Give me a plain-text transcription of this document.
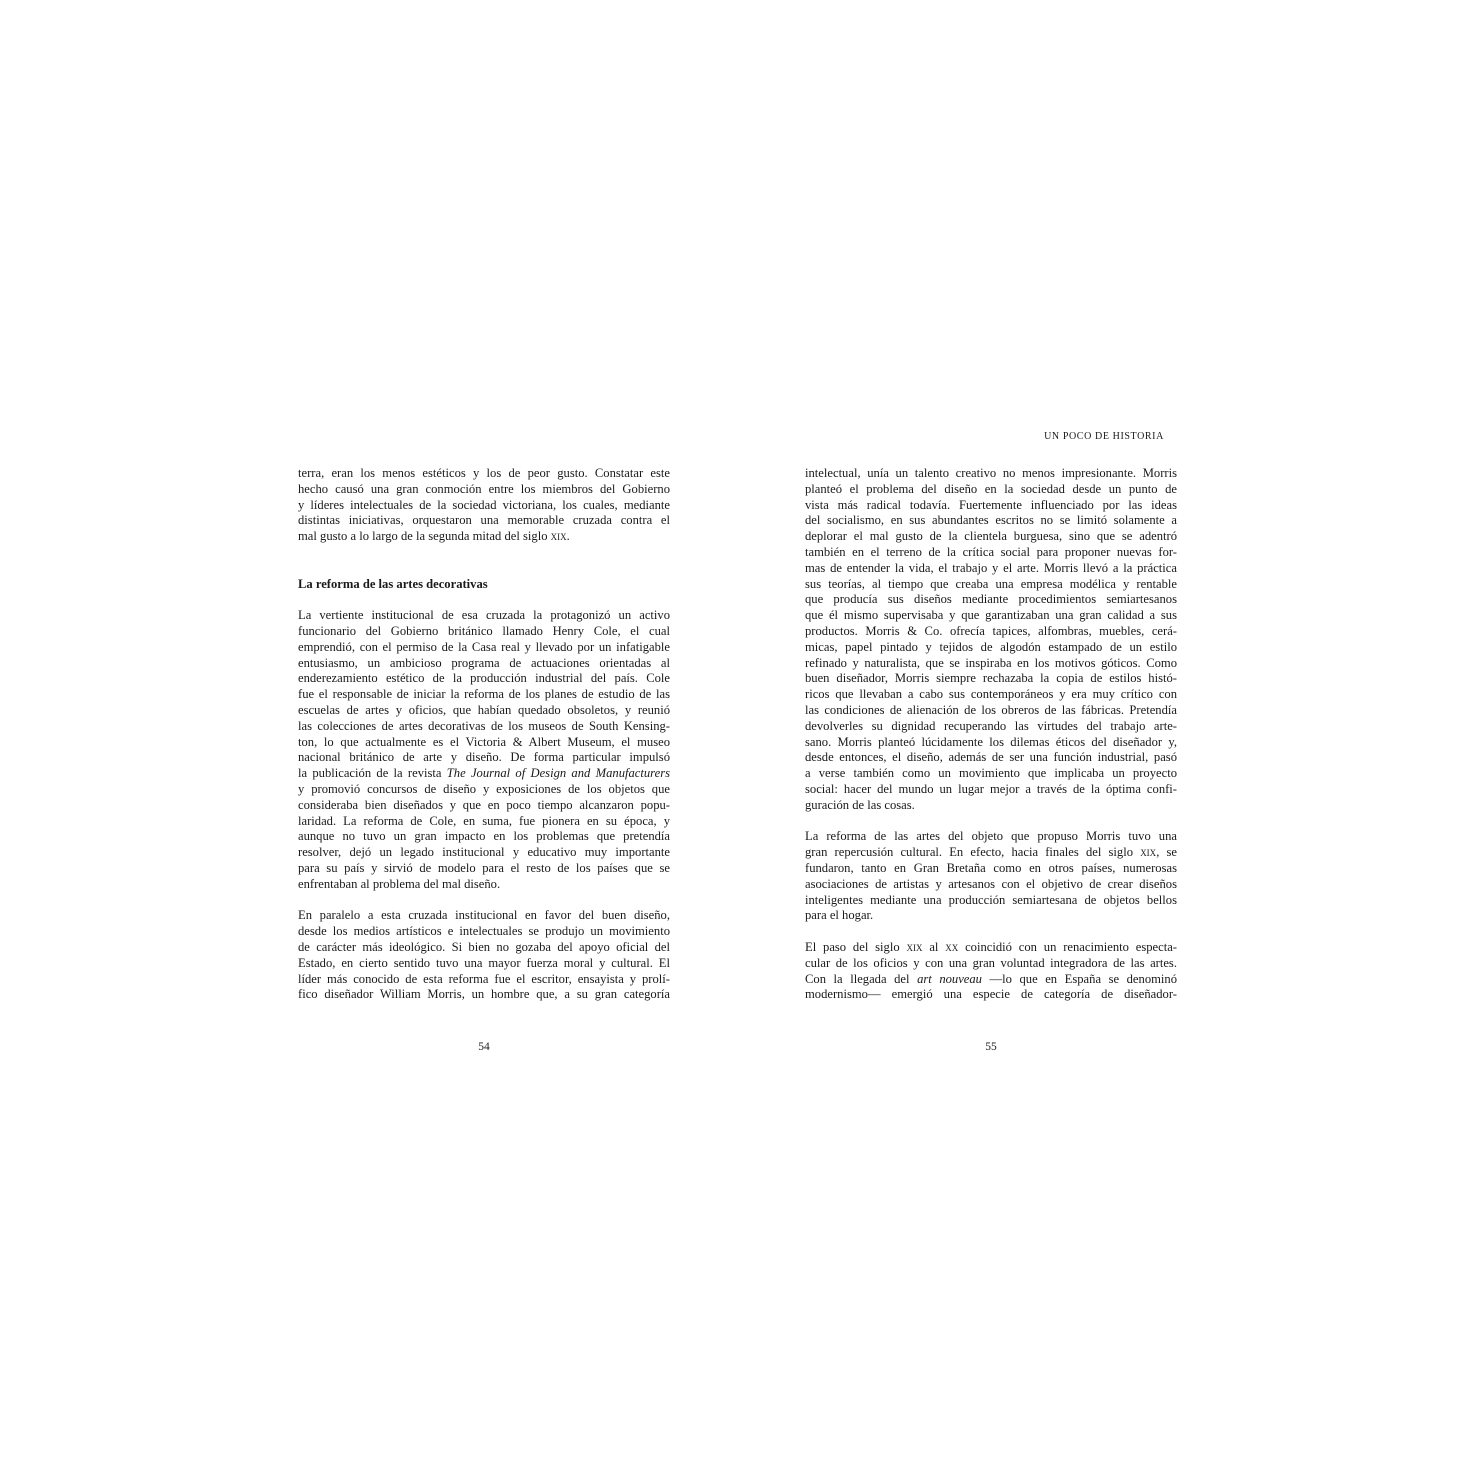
terra, eran los menos estéticos y los de peor gusto. Constatar este
hecho causó una gran conmoción entre los miembros del Gobierno
y líderes intelectuales de la sociedad victoriana, los cuales, mediante
distintas iniciativas, orquestaron una memorable cruzada contra el
mal gusto a lo largo de la segunda mitad del siglo xix.
La reforma de las artes decorativas
La vertiente institucional de esa cruzada la protagonizó un activo
funcionario del Gobierno británico llamado Henry Cole, el cual
emprendió, con el permiso de la Casa real y llevado por un infatigable
entusiasmo, un ambicioso programa de actuaciones orientadas al
enderezamiento estético de la producción industrial del país. Cole
fue el responsable de iniciar la reforma de los planes de estudio de las
escuelas de artes y oficios, que habían quedado obsoletos, y reunió
las colecciones de artes decorativas de los museos de South Kensing-
ton, lo que actualmente es el Victoria & Albert Museum, el museo
nacional británico de arte y diseño. De forma particular impulsó
la publicación de la revista The Journal of Design and Manufacturers
y promovió concursos de diseño y exposiciones de los objetos que
consideraba bien diseñados y que en poco tiempo alcanzaron popu-
laridad. La reforma de Cole, en suma, fue pionera en su época, y
aunque no tuvo un gran impacto en los problemas que pretendía
resolver, dejó un legado institucional y educativo muy importante
para su país y sirvió de modelo para el resto de los países que se
enfrentaban al problema del mal diseño.
En paralelo a esta cruzada institucional en favor del buen diseño,
desde los medios artísticos e intelectuales se produjo un movimiento
de carácter más ideológico. Si bien no gozaba del apoyo oficial del
Estado, en cierto sentido tuvo una mayor fuerza moral y cultural. El
líder más conocido de esta reforma fue el escritor, ensayista y prolí-
fico diseñador William Morris, un hombre que, a su gran categoría
54
UN POCO DE HISTORIA
intelectual, unía un talento creativo no menos impresionante. Morris
planteó el problema del diseño en la sociedad desde un punto de
vista más radical todavía. Fuertemente influenciado por las ideas
del socialismo, en sus abundantes escritos no se limitó solamente a
deplorar el mal gusto de la clientela burguesa, sino que se adentró
también en el terreno de la crítica social para proponer nuevas for-
mas de entender la vida, el trabajo y el arte. Morris llevó a la práctica
sus teorías, al tiempo que creaba una empresa modélica y rentable
que producía sus diseños mediante procedimientos semiartesanos
que él mismo supervisaba y que garantizaban una gran calidad a sus
productos. Morris & Co. ofrecía tapices, alfombras, muebles, cerá-
micas, papel pintado y tejidos de algodón estampado de un estilo
refinado y naturalista, que se inspiraba en los motivos góticos. Como
buen diseñador, Morris siempre rechazaba la copia de estilos histó-
ricos que llevaban a cabo sus contemporáneos y era muy crítico con
las condiciones de alienación de los obreros de las fábricas. Pretendía
devolverles su dignidad recuperando las virtudes del trabajo arte-
sano. Morris planteó lúcidamente los dilemas éticos del diseñador y,
desde entonces, el diseño, además de ser una función industrial, pasó
a verse también como un movimiento que implicaba un proyecto
social: hacer del mundo un lugar mejor a través de la óptima confi-
guración de las cosas.
La reforma de las artes del objeto que propuso Morris tuvo una
gran repercusión cultural. En efecto, hacia finales del siglo xix, se
fundaron, tanto en Gran Bretaña como en otros países, numerosas
asociaciones de artistas y artesanos con el objetivo de crear diseños
inteligentes mediante una producción semiartesana de objetos bellos
para el hogar.
El paso del siglo xix al xx coincidió con un renacimiento especta-
cular de los oficios y con una gran voluntad integradora de las artes.
Con la llegada del art nouveau —lo que en España se denominó
modernismo— emergió una especie de categoría de diseñador-
55
